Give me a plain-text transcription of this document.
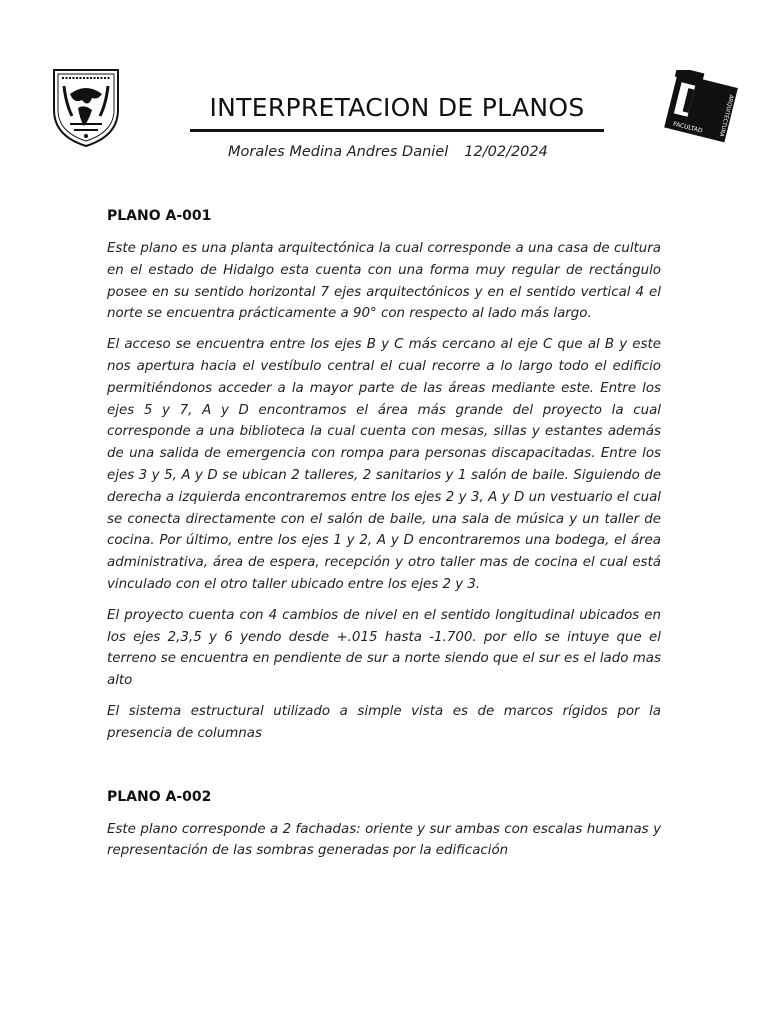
FACULTAD	ARQUITECTURA
INTERPRETACION DE PLANOS
Morales Medina Andres Daniel 12/02/2024
PLANO A-001

Este plano es una planta arquitectónica la cual corresponde a una casa de cultura en el estado de Hidalgo esta cuenta con una forma muy regular de rectángulo posee en su sentido horizontal 7 ejes arquitectónicos y en el sentido vertical 4 el norte se encuentra prácticamente a 90° con respecto al lado más largo.

El acceso se encuentra entre los ejes B y C más cercano al eje C que al B y este nos apertura hacia el vestíbulo central el cual recorre a lo largo todo el edificio permitiéndonos acceder a la mayor parte de las áreas mediante este. Entre los ejes 5 y 7, A y D encontramos el área más grande del proyecto la cual corresponde a una biblioteca la cual cuenta con mesas, sillas y estantes además de una salida de emergencia con rompa para personas discapacitadas. Entre los ejes 3 y 5, A y D se ubican 2 talleres, 2 sanitarios y 1 salón de baile. Siguiendo de derecha a izquierda encontraremos entre los ejes 2 y 3, A y D un vestuario el cual se conecta directamente con el salón de baile, una sala de música y un taller de cocina. Por último, entre los ejes 1 y 2, A y D encontraremos una bodega, el área administrativa, área de espera, recepción y otro taller mas de cocina el cual está vinculado con el otro taller ubicado entre los ejes 2 y 3.

El proyecto cuenta con 4 cambios de nivel en el sentido longitudinal ubicados en los ejes 2,3,5 y 6 yendo desde +.015 hasta -1.700. por ello se intuye que el terreno se encuentra en pendiente de sur a norte siendo que el sur es el lado mas alto

El sistema estructural utilizado a simple vista es de marcos rígidos por la presencia de columnas

PLANO A-002

Este plano corresponde a 2 fachadas: oriente y sur ambas con escalas humanas y representación de las sombras generadas por la edificación
